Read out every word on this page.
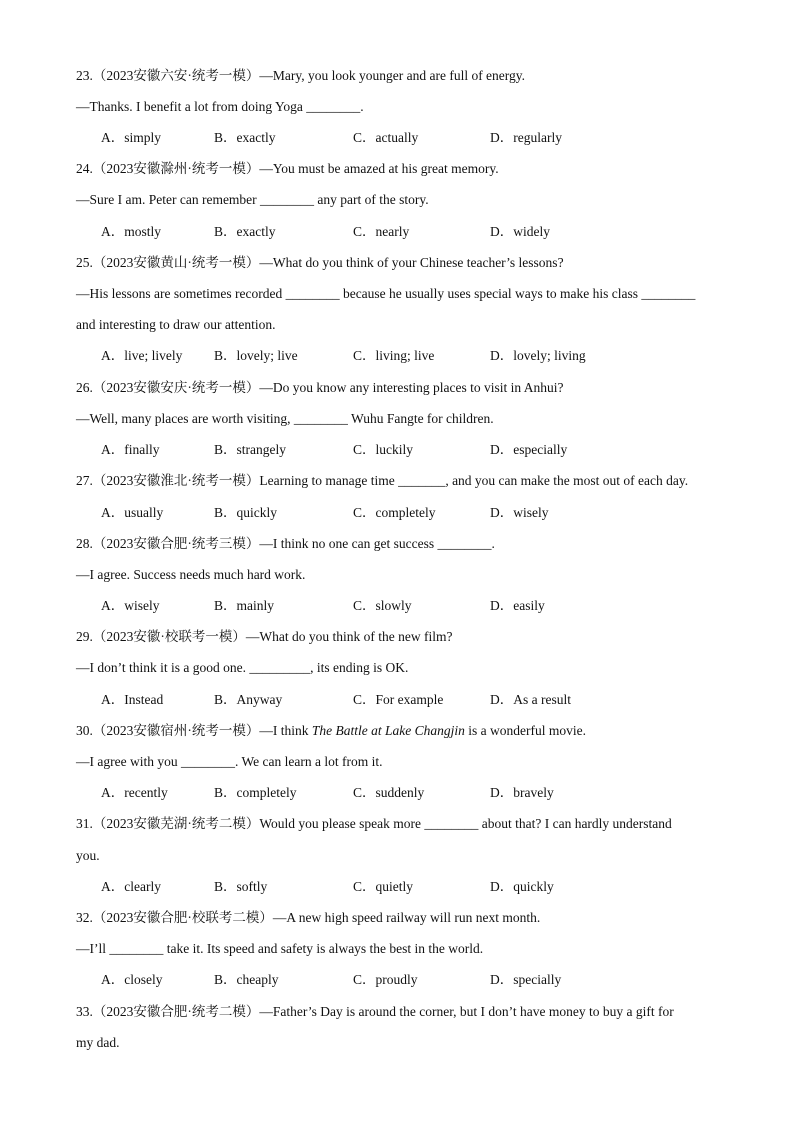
23.（2023安徽六安·统考一模）—Mary, you look younger and are full of energy.
—Thanks. I benefit a lot from doing Yoga ________.
A．simply	B．exactly	C．actually	D．regularly
24.（2023安徽滁州·统考一模）—You must be amazed at his great memory.
—Sure I am. Peter can remember ________ any part of the story.
A．mostly	B．exactly	C．nearly	D．widely
25.（2023安徽黄山·统考一模）—What do you think of your Chinese teacher’s lessons?
—His lessons are sometimes recorded ________ because he usually uses special ways to make his class ________
and interesting to draw our attention.
A．live; lively B．lovely; live	C．living; live	D．lovely; living
26.（2023安徽安庆·统考一模）—Do you know any interesting places to visit in Anhui?
—Well, many places are worth visiting, ________ Wuhu Fangte for children.
A．finally	B．strangely	C．luckily	D．especially
27.（2023安徽淮北·统考一模）Learning to manage time _______, and you can make the most out of each day.
A．usually	B．quickly	C．completely	D．wisely
28.（2023安徽合肥·统考三模）—I think no one can get success ________.
—I agree. Success needs much hard work.
A．wisely	B．mainly	C．slowly	D．easily
29.（2023安徽·校联考一模）—What do you think of the new film?
—I don’t think it is a good one. _________, its ending is OK.
A．Instead	B．Anyway	C．For example	D．As a result
30.（2023安徽宿州·统考一模）—I think The Battle at Lake Changjin is a wonderful movie.
—I agree with you ________. We can learn a lot from it.
A．recently	B．completely	C．suddenly	D．bravely
31.（2023安徽芜湖·统考二模）Would you please speak more ________ about that? I can hardly understand
you.
A．clearly	B．softly	C．quietly	D．quickly
32.（2023安徽合肥·校联考二模）—A new high speed railway will run next month.
—I’ll ________ take it. Its speed and safety is always the best in the world.
A．closely	B．cheaply	C．proudly	D．specially
33.（2023安徽合肥·统考二模）—Father’s Day is around the corner, but I don’t have money to buy a gift for
my dad.
